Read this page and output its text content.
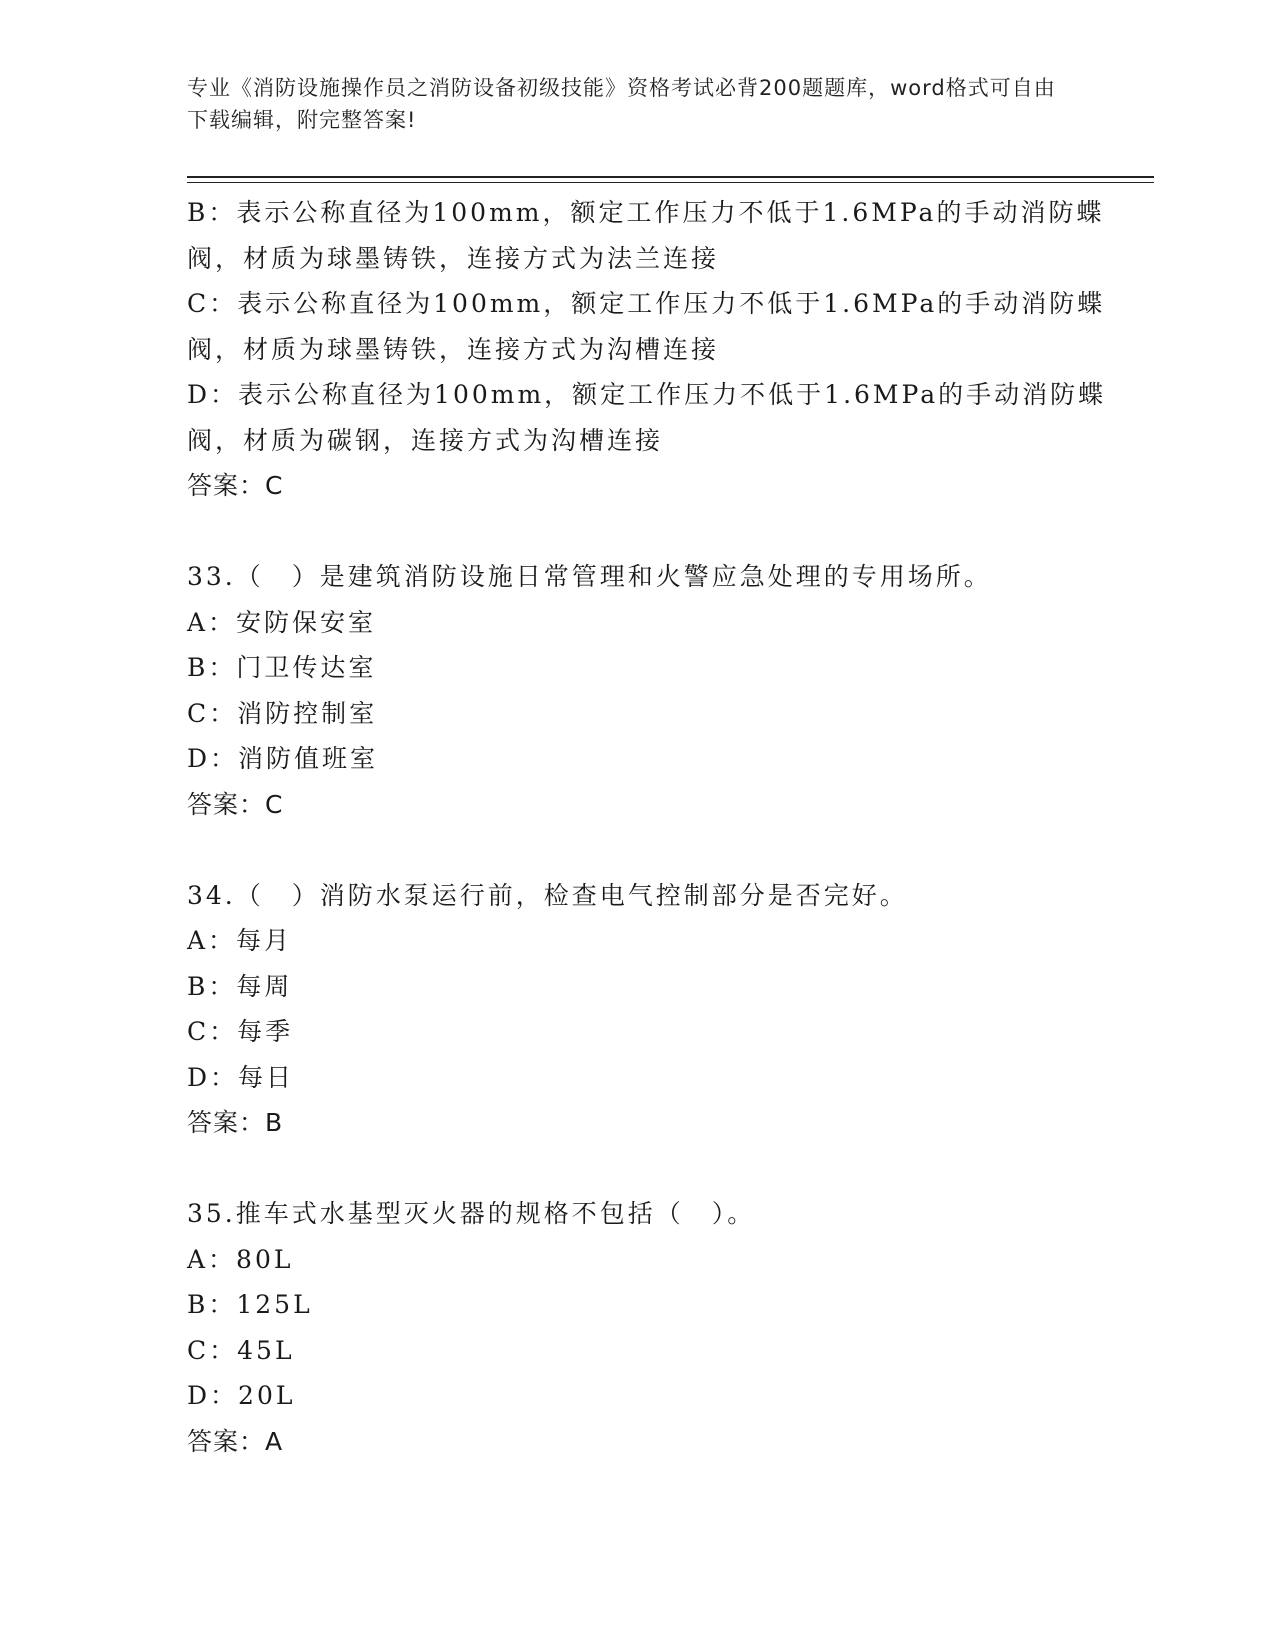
专业《消防设施操作员之消防设备初级技能》资格考试必背200题题库，word格式可自由下载编辑，附完整答案!
B：表示公称直径为100mm，额定工作压力不低于1.6MPa的手动消防蝶
阀，材质为球墨铸铁，连接方式为法兰连接
C：表示公称直径为100mm，额定工作压力不低于1.6MPa的手动消防蝶
阀，材质为球墨铸铁，连接方式为沟槽连接
D：表示公称直径为100mm，额定工作压力不低于1.6MPa的手动消防蝶
阀，材质为碳钢，连接方式为沟槽连接
答案：C
33.（　）是建筑消防设施日常管理和火警应急处理的专用场所。
A：安防保安室
B：门卫传达室
C：消防控制室
D：消防值班室
答案：C
34.（　）消防水泵运行前，检查电气控制部分是否完好。
A：每月
B：每周
C：每季
D：每日
答案：B
35.推车式水基型灭火器的规格不包括（　）。
A：80L
B：125L
C：45L
D：20L
答案：A
